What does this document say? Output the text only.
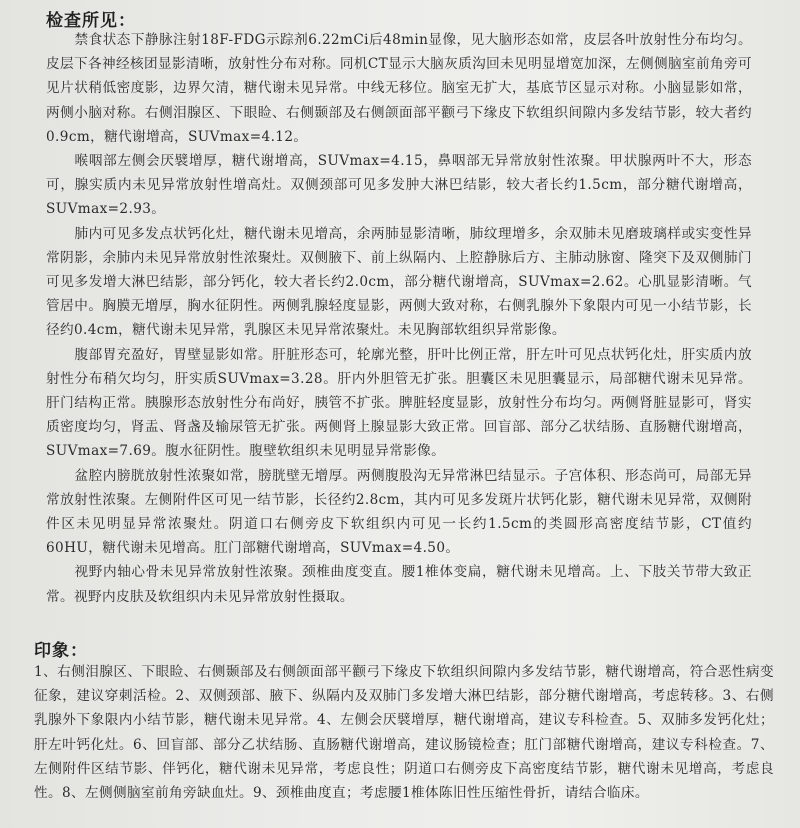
检查所见：

禁食状态下静脉注射18F-FDG示踪剂6.22mCi后48min显像，见大脑形态如常，皮层各叶放射性分布均匀。皮层下各神经核团显影清晰，放射性分布对称。同机CT显示大脑灰质沟回未见明显增宽加深，左侧侧脑室前角旁可见片状稍低密度影，边界欠清，糖代谢未见异常。中线无移位。脑室无扩大，基底节区显示对称。小脑显影如常，两侧小脑对称。右侧泪腺区、下眼睑、右侧颞部及右侧颌面部平颧弓下缘皮下软组织间隙内多发结节影，较大者约0.9cm，糖代谢增高，SUVmax=4.12。

喉咽部左侧会厌襞增厚，糖代谢增高，SUVmax=4.15，鼻咽部无异常放射性浓聚。甲状腺两叶不大，形态可，腺实质内未见异常放射性增高灶。双侧颈部可见多发肿大淋巴结影，较大者长约1.5cm，部分糖代谢增高，SUVmax=2.93。

肺内可见多发点状钙化灶，糖代谢未见增高，余两肺显影清晰，肺纹理增多，余双肺未见磨玻璃样或实变性异常阴影，余肺内未见异常放射性浓聚灶。双侧腋下、前上纵隔内、上腔静脉后方、主肺动脉窗、隆突下及双侧肺门可见多发增大淋巴结影，部分钙化，较大者长约2.0cm，部分糖代谢增高，SUVmax=2.62。心肌显影清晰。气管居中。胸膜无增厚，胸水征阴性。两侧乳腺轻度显影，两侧大致对称，右侧乳腺外下象限内可见一小结节影，长径约0.4cm，糖代谢未见异常，乳腺区未见异常浓聚灶。未见胸部软组织异常影像。

腹部胃充盈好，胃壁显影如常。肝脏形态可，轮廓光整，肝叶比例正常，肝左叶可见点状钙化灶，肝实质内放射性分布稍欠均匀，肝实质SUVmax=3.28。肝内外胆管无扩张。胆囊区未见胆囊显示，局部糖代谢未见异常。肝门结构正常。胰腺形态放射性分布尚好，胰管不扩张。脾脏轻度显影，放射性分布均匀。两侧肾脏显影可，肾实质密度均匀，肾盂、肾盏及输尿管无扩张。两侧肾上腺显影大致正常。回盲部、部分乙状结肠、直肠糖代谢增高，SUVmax=7.69。腹水征阴性。腹壁软组织未见明显异常影像。

盆腔内膀胱放射性浓聚如常，膀胱壁无增厚。两侧腹股沟无异常淋巴结显示。子宫体积、形态尚可，局部无异常放射性浓聚。左侧附件区可见一结节影，长径约2.8cm，其内可见多发斑片状钙化影，糖代谢未见异常，双侧附件区未见明显异常浓聚灶。阴道口右侧旁皮下软组织内可见一长约1.5cm的类圆形高密度结节影，CT值约60HU，糖代谢未见增高。肛门部糖代谢增高，SUVmax=4.50。

视野内轴心骨未见异常放射性浓聚。颈椎曲度变直。腰1椎体变扁，糖代谢未见增高。上、下肢关节带大致正常。视野内皮肤及软组织内未见异常放射性摄取。

印象：

1、右侧泪腺区、下眼睑、右侧颞部及右侧颌面部平颧弓下缘皮下软组织间隙内多发结节影，糖代谢增高，符合恶性病变征象，建议穿刺活检。2、双侧颈部、腋下、纵隔内及双肺门多发增大淋巴结影，部分糖代谢增高，考虑转移。3、右侧乳腺外下象限内小结节影，糖代谢未见异常。4、左侧会厌襞增厚，糖代谢增高，建议专科检查。5、双肺多发钙化灶；肝左叶钙化灶。6、回盲部、部分乙状结肠、直肠糖代谢增高，建议肠镜检查；肛门部糖代谢增高，建议专科检查。7、左侧附件区结节影、伴钙化，糖代谢未见异常，考虑良性；阴道口右侧旁皮下高密度结节影，糖代谢未见增高，考虑良性。8、左侧侧脑室前角旁缺血灶。9、颈椎曲度直；考虑腰1椎体陈旧性压缩性骨折，请结合临床。
